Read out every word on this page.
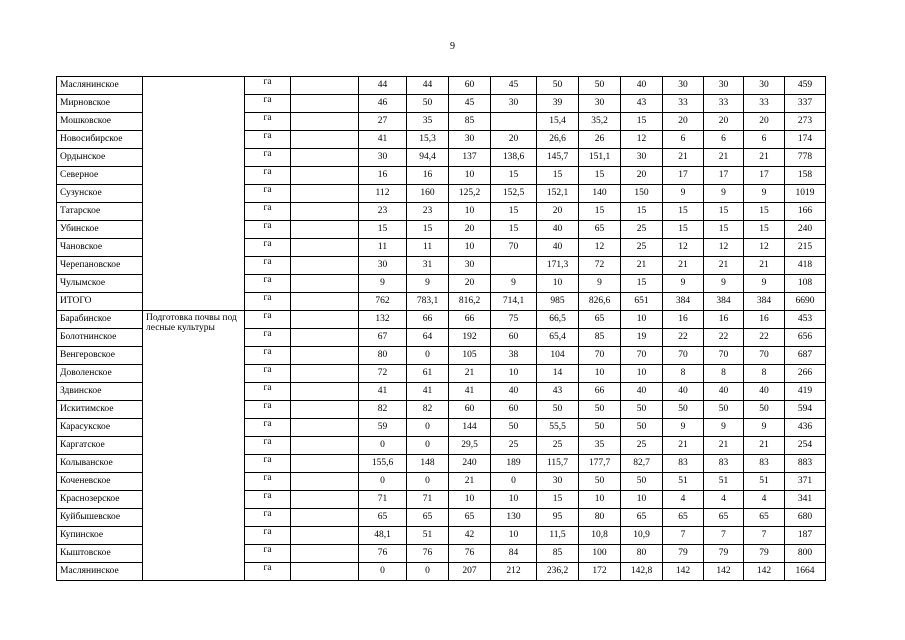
9
Маслянинское		га		44	44	60	45	50	50	40	30	30	30	459
Мирновское		га		46	50	45	30	39	30	43	33	33	33	337
Мошковское		га		27	35	85		15,4	35,2	15	20	20	20	273
Новосибирское		га		41	15,3	30	20	26,6	26	12	6	6	6	174
Ордынское		га		30	94,4	137	138,6	145,7	151,1	30	21	21	21	778
Северное		га		16	16	10	15	15	15	20	17	17	17	158
Сузунское		га		112	160	125,2	152,5	152,1	140	150	9	9	9	1019
Татарское		га		23	23	10	15	20	15	15	15	15	15	166
Убинское		га		15	15	20	15	40	65	25	15	15	15	240
Чановское		га		11	11	10	70	40	12	25	12	12	12	215
Черепановское		га		30	31	30		171,3	72	21	21	21	21	418
Чулымское		га		9	9	20	9	10	9	15	9	9	9	108
ИТОГО		га		762	783,1	816,2	714,1	985	826,6	651	384	384	384	6690
Барабинское	Подготовка почвы под лесные культуры	га		132	66	66	75	66,5	65	10	16	16	16	453
Болотнинское		га		67	64	192	60	65,4	85	19	22	22	22	656
Венгеровское		га		80	0	105	38	104	70	70	70	70	70	687
Доволенское		га		72	61	21	10	14	10	10	8	8	8	266
Здвинское		га		41	41	41	40	43	66	40	40	40	40	419
Искитимское		га		82	82	60	60	50	50	50	50	50	50	594
Карасукское		га		59	0	144	50	55,5	50	50	9	9	9	436
Каргатское		га		0	0	29,5	25	25	35	25	21	21	21	254
Колыванское		га		155,6	148	240	189	115,7	177,7	82,7	83	83	83	883
Коченевское		га		0	0	21	0	30	50	50	51	51	51	371
Краснозерское		га		71	71	10	10	15	10	10	4	4	4	341
Куйбышевское		га		65	65	65	130	95	80	65	65	65	65	680
Купинское		га		48,1	51	42	10	11,5	10,8	10,9	7	7	7	187
Кыштовское		га		76	76	76	84	85	100	80	79	79	79	800
Маслянинское		га		0	0	207	212	236,2	172	142,8	142	142	142	1664
